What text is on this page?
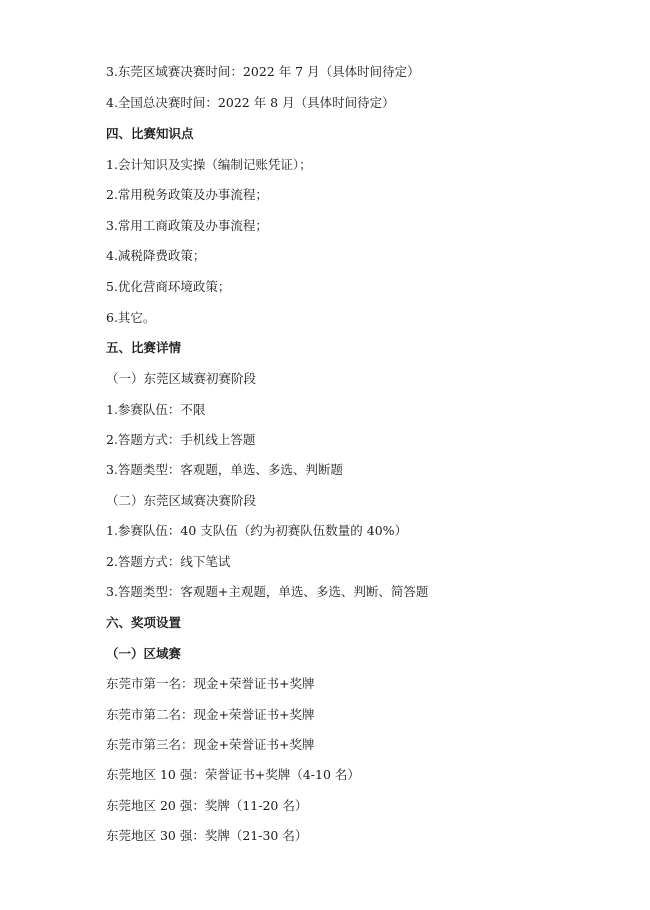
3.东莞区域赛决赛时间：2022 年 7 月（具体时间待定）
4.全国总决赛时间：2022 年 8 月（具体时间待定）
四、比赛知识点
1.会计知识及实操（编制记账凭证）；
2.常用税务政策及办事流程；
3.常用工商政策及办事流程；
4.减税降费政策；
5.优化营商环境政策；
6.其它。
五、比赛详情
（一）东莞区域赛初赛阶段
1.参赛队伍：不限
2.答题方式：手机线上答题
3.答题类型：客观题，单选、多选、判断题
（二）东莞区域赛决赛阶段
1.参赛队伍：40 支队伍（约为初赛队伍数量的 40%）
2.答题方式：线下笔试
3.答题类型：客观题+主观题，单选、多选、判断、简答题
六、奖项设置
（一）区域赛
东莞市第一名：现金+荣誉证书+奖牌
东莞市第二名：现金+荣誉证书+奖牌
东莞市第三名：现金+荣誉证书+奖牌
东莞地区 10 强：荣誉证书+奖牌（4-10 名）
东莞地区 20 强：奖牌（11-20 名）
东莞地区 30 强：奖牌（21-30 名）
